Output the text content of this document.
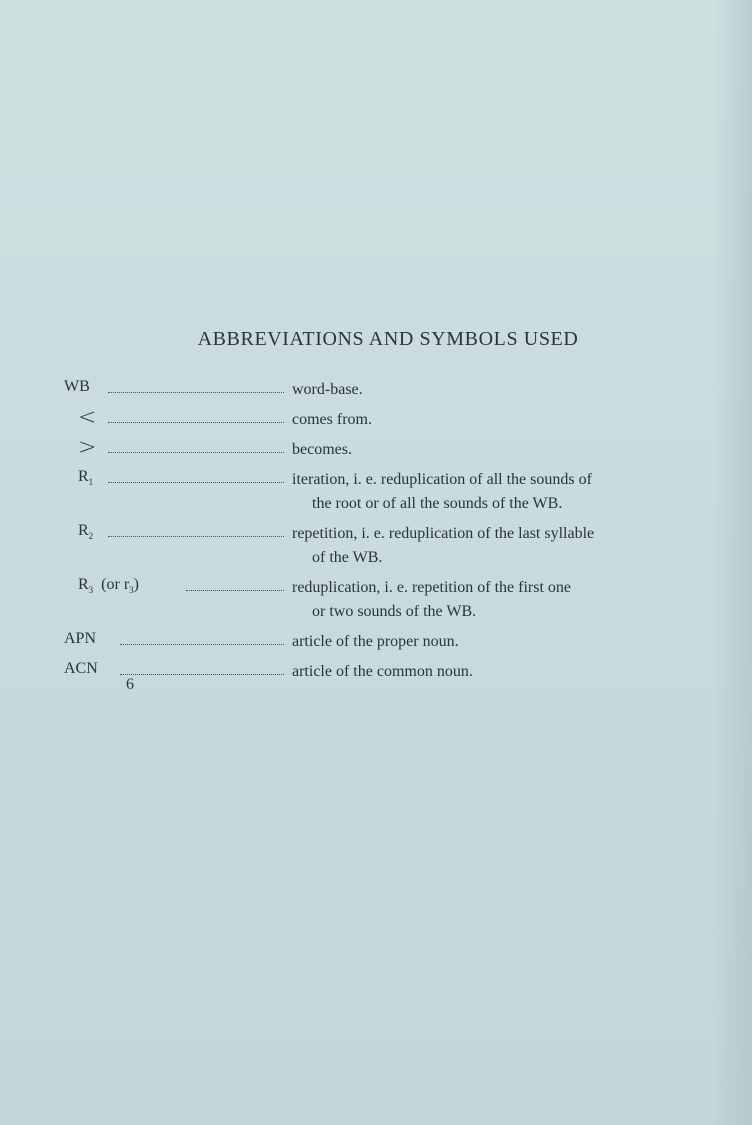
ABBREVIATIONS AND SYMBOLS USED
WB	word-base.
<	comes from.
>	becomes.
$R_1$	iteration, i. e. reduplication of all the sounds of
the root or of all the sounds of the WB.
$R_2$	repetition, i. e. reduplication of the last syllable
of the WB.
$R_3$ (or $r_3$)	reduplication, i. e. repetition of the first one
or two sounds of the WB.
APN	article of the proper noun.
ACN	article of the common noun.
6
